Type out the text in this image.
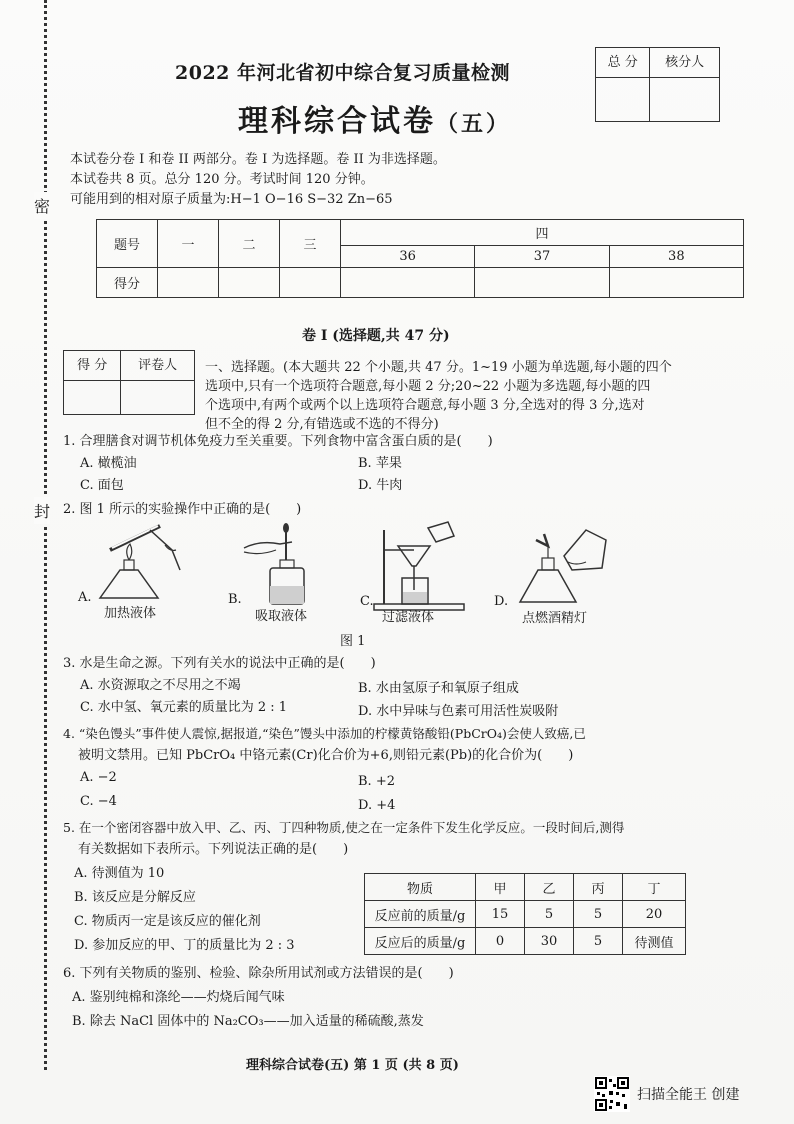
密
封
2022 年河北省初中综合复习质量检测
理科综合试卷（五）
总 分	核分人

本试卷分卷 I 和卷 II 两部分。卷 I 为选择题。卷 II 为非选择题。
本试卷共 8 页。总分 120 分。考试时间 120 分钟。
可能用到的相对原子质量为:H−1 O−16 S−32 Zn−65
题号	一	二	三	四		
				36	37	38
得分						
卷 I (选择题,共 47 分)
得 分	评卷人
	一、选择题。(本大题共 22 个小题,共 47 分。1~19 小题为单选题,每小题的四个
选项中,只有一个选项符合题意,每小题 2 分;20~22 小题为多选题,每小题的四
个选项中,有两个或两个以上选项符合题意,每小题 3 分,全选对的得 3 分,选对
但不全的得 2 分,有错选或不选的不得分)
1. 合理膳食对调节机体免疫力至关重要。下列食物中富含蛋白质的是(　　)
A. 橄榄油	B. 苹果
C. 面包	D. 牛肉
2. 图 1 所示的实验操作中正确的是(　　)
A.
加热液体
B.
吸取液体
C.
过滤液体
D.
点燃酒精灯
图 1
3. 水是生命之源。下列有关水的说法中正确的是(　　)
A. 水资源取之不尽用之不竭	B. 水由氢原子和氧原子组成
C. 水中氢、氧元素的质量比为 2 : 1	D. 水中异味与色素可用活性炭吸附
4. “染色馒头”事件使人震惊,据报道,“染色”馒头中添加的柠檬黄铬酸铅(PbCrO₄)会使人致癌,已
被明文禁用。已知 PbCrO₄ 中铬元素(Cr)化合价为+6,则铅元素(Pb)的化合价为(　　)
A. −2	B. +2
C. −4	D. +4
5. 在一个密闭容器中放入甲、乙、丙、丁四种物质,使之在一定条件下发生化学反应。一段时间后,测得
有关数据如下表所示。下列说法正确的是(　　)
A. 待测值为 10
B. 该反应是分解反应
C. 物质丙一定是该反应的催化剂
D. 参加反应的甲、丁的质量比为 2 : 3
物质	甲	乙	丙	丁
反应前的质量/g	15	5	5	20
反应后的质量/g	0	30	5	待测值
6. 下列有关物质的鉴别、检验、除杂所用试剂或方法错误的是(　　)
A. 鉴别纯棉和涤纶——灼烧后闻气味
B. 除去 NaCl 固体中的 Na₂CO₃——加入适量的稀硫酸,蒸发
理科综合试卷(五) 第 1 页 (共 8 页)
扫描全能王 创建
